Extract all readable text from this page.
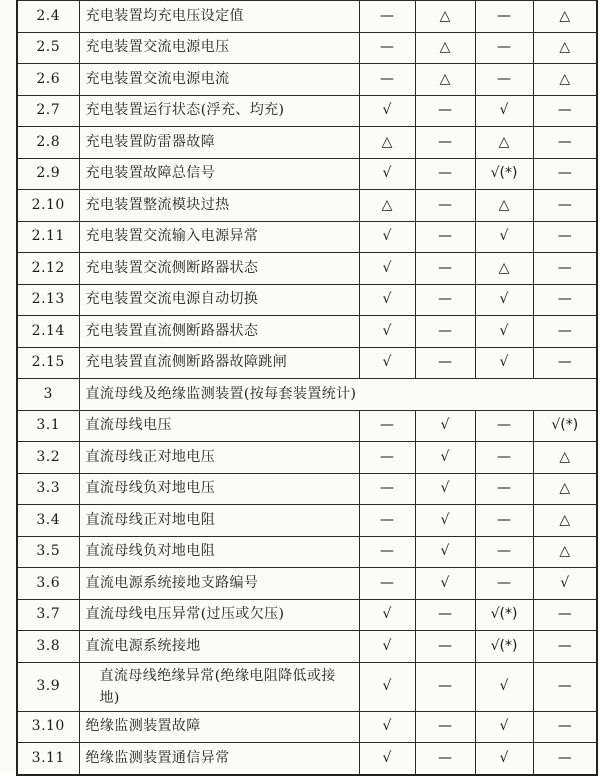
2.4	充电装置均充电压设定值	—	△	—	△
2.5	充电装置交流电源电压	—	△	—	△
2.6	充电装置交流电源电流	—	△	—	△
2.7	充电装置运行状态(浮充、均充)	√	—	√	—
2.8	充电装置防雷器故障	△	—	△	—
2.9	充电装置故障总信号	√	—	√(*)	—
2.10	充电装置整流模块过热	△	—	△	—
2.11	充电装置交流输入电源异常	√	—	√	—
2.12	充电装置交流侧断路器状态	√	—	△	—
2.13	充电装置交流电源自动切换	√	—	√	—
2.14	充电装置直流侧断路器状态	√	—	√	—
2.15	充电装置直流侧断路器故障跳闸	√	—	√	—
3	直流母线及绝缘监测装置(按每套装置统计)				
3.1	直流母线电压	—	√	—	√(*)
3.2	直流母线正对地电压	—	√	—	△
3.3	直流母线负对地电压	—	√	—	△
3.4	直流母线正对地电阻	—	√	—	△
3.5	直流母线负对地电阻	—	√	—	△
3.6	直流电源系统接地支路编号	—	√	—	√
3.7	直流母线电压异常(过压或欠压)	√	—	√(*)	—
3.8	直流电源系统接地	√	—	√(*)	—
3.9	直流母线绝缘异常(绝缘电阻降低或接地)	√	—	√	—
3.10	绝缘监测装置故障	√	—	√	—
3.11	绝缘监测装置通信异常	√	—	√	—
